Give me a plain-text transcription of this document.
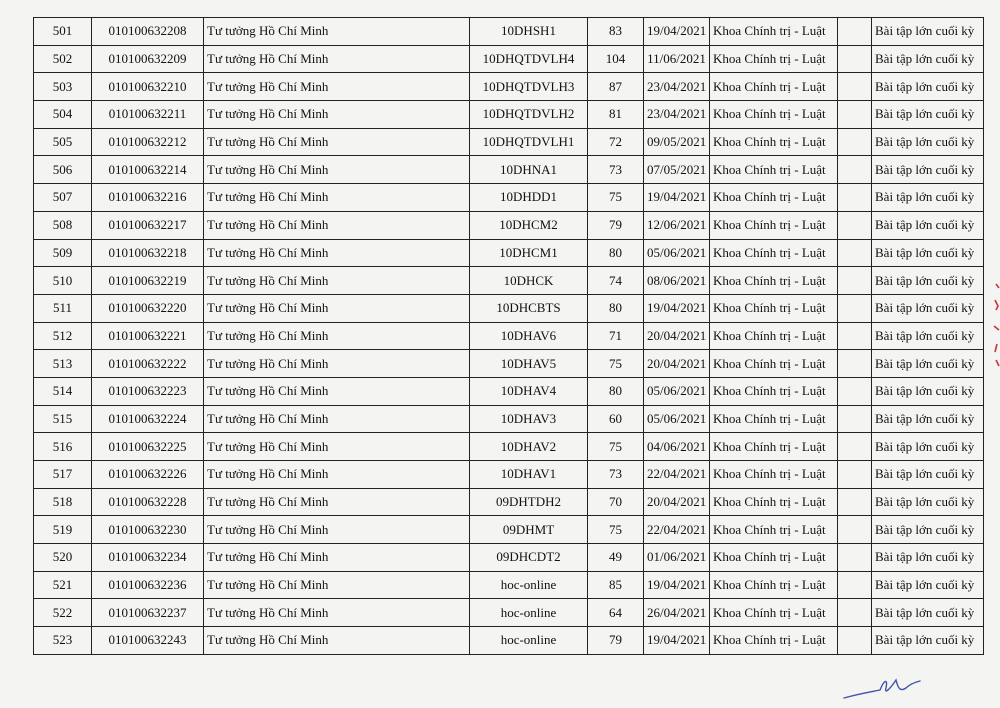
501	010100632208	Tư tưởng Hồ Chí Minh	10DHSH1	83	19/04/2021	Khoa Chính trị - Luật		Bài tập lớn cuối kỳ
502	010100632209	Tư tưởng Hồ Chí Minh	10DHQTDVLH4	104	11/06/2021	Khoa Chính trị - Luật		Bài tập lớn cuối kỳ
503	010100632210	Tư tưởng Hồ Chí Minh	10DHQTDVLH3	87	23/04/2021	Khoa Chính trị - Luật		Bài tập lớn cuối kỳ
504	010100632211	Tư tưởng Hồ Chí Minh	10DHQTDVLH2	81	23/04/2021	Khoa Chính trị - Luật		Bài tập lớn cuối kỳ
505	010100632212	Tư tưởng Hồ Chí Minh	10DHQTDVLH1	72	09/05/2021	Khoa Chính trị - Luật		Bài tập lớn cuối kỳ
506	010100632214	Tư tưởng Hồ Chí Minh	10DHNA1	73	07/05/2021	Khoa Chính trị - Luật		Bài tập lớn cuối kỳ
507	010100632216	Tư tưởng Hồ Chí Minh	10DHDD1	75	19/04/2021	Khoa Chính trị - Luật		Bài tập lớn cuối kỳ
508	010100632217	Tư tưởng Hồ Chí Minh	10DHCM2	79	12/06/2021	Khoa Chính trị - Luật		Bài tập lớn cuối kỳ
509	010100632218	Tư tưởng Hồ Chí Minh	10DHCM1	80	05/06/2021	Khoa Chính trị - Luật		Bài tập lớn cuối kỳ
510	010100632219	Tư tưởng Hồ Chí Minh	10DHCK	74	08/06/2021	Khoa Chính trị - Luật		Bài tập lớn cuối kỳ
511	010100632220	Tư tưởng Hồ Chí Minh	10DHCBTS	80	19/04/2021	Khoa Chính trị - Luật		Bài tập lớn cuối kỳ
512	010100632221	Tư tưởng Hồ Chí Minh	10DHAV6	71	20/04/2021	Khoa Chính trị - Luật		Bài tập lớn cuối kỳ
513	010100632222	Tư tưởng Hồ Chí Minh	10DHAV5	75	20/04/2021	Khoa Chính trị - Luật		Bài tập lớn cuối kỳ
514	010100632223	Tư tưởng Hồ Chí Minh	10DHAV4	80	05/06/2021	Khoa Chính trị - Luật		Bài tập lớn cuối kỳ
515	010100632224	Tư tưởng Hồ Chí Minh	10DHAV3	60	05/06/2021	Khoa Chính trị - Luật		Bài tập lớn cuối kỳ
516	010100632225	Tư tưởng Hồ Chí Minh	10DHAV2	75	04/06/2021	Khoa Chính trị - Luật		Bài tập lớn cuối kỳ
517	010100632226	Tư tưởng Hồ Chí Minh	10DHAV1	73	22/04/2021	Khoa Chính trị - Luật		Bài tập lớn cuối kỳ
518	010100632228	Tư tưởng Hồ Chí Minh	09DHTDH2	70	20/04/2021	Khoa Chính trị - Luật		Bài tập lớn cuối kỳ
519	010100632230	Tư tưởng Hồ Chí Minh	09DHMT	75	22/04/2021	Khoa Chính trị - Luật		Bài tập lớn cuối kỳ
520	010100632234	Tư tưởng Hồ Chí Minh	09DHCDT2	49	01/06/2021	Khoa Chính trị - Luật		Bài tập lớn cuối kỳ
521	010100632236	Tư tưởng Hồ Chí Minh	hoc-online	85	19/04/2021	Khoa Chính trị - Luật		Bài tập lớn cuối kỳ
522	010100632237	Tư tưởng Hồ Chí Minh	hoc-online	64	26/04/2021	Khoa Chính trị - Luật		Bài tập lớn cuối kỳ
523	010100632243	Tư tưởng Hồ Chí Minh	hoc-online	79	19/04/2021	Khoa Chính trị - Luật		Bài tập lớn cuối kỳ
